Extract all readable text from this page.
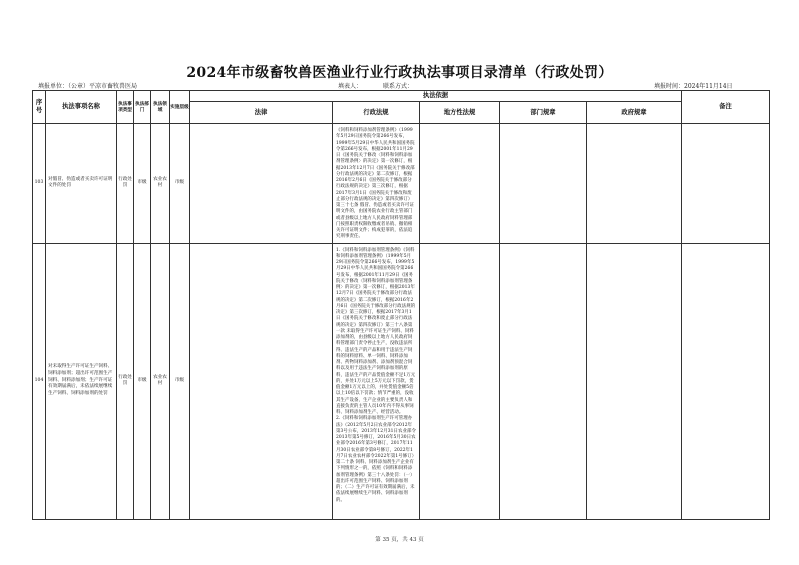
2024年市级畜牧兽医渔业行业行政执法事项目录清单（行政处罚）
填报单位：（公章）平凉市畜牧兽医局	填表人：	联系方式：	填报时间：2024年11月14日
序号	执法事项名称	执法事项类型	执法部门	执法领域	实施层级	执法依据					备注
						法律	行政法规	地方性法规	部门规章	政府规章	
103	对假冒、伪造或者买卖许可证明文件的处罚	行政处罚	市级	农业农村	市级		《饲料和饲料添加剂管理条例》（1999年5月29日国务院令第266号发布，1999年5月29日中华人民共和国国务院令第266号发布，根据2001年11月29日《国务院关于修改〈饲料和饲料添加剂管理条例〉的决定》第一次修订，根据2013年12月7日《国务院关于修改部分行政法规的决定》第二次修订，根据2016年2月6日《国务院关于修改部分行政法规的决定》第三次修订，根据2017年3月1日《国务院关于修改和废止部分行政法规的决定》第四次修订）第三十七条 假冒、伪造或者买卖许可证明文件的，由国务院农业行政主管部门或者县级以上地方人民政府饲料管理部门按照职责权限收缴或者吊销、撤销相关许可证明文件；构成犯罪的，依法追究刑事责任。				
104	对未取得生产许可证生产饲料、饲料添加剂；超出许可范围生产饲料、饲料添加剂；生产许可证有效期届满后，未依法续展继续生产饲料、饲料添加剂的处罚	行政处罚	市级	农业农村	市级		1.《饲料和饲料添加剂管理条例》《饲料和饲料添加剂管理条例》（1999年5月29日国务院令第266号发布，1999年5月29日中华人民共和国国务院令第266号发布，根据2001年11月29日《国务院关于修改〈饲料和饲料添加剂管理条例〉的决定》第一次修订，根据2013年12月7日《国务院关于修改部分行政法规的决定》第二次修订，根据2016年2月6日《国务院关于修改部分行政法规的决定》第三次修订，根据2017年3月1日《国务院关于修改和废止部分行政法规的决定》第四次修订）第三十八条第一款 未取得生产许可证生产饲料、饲料添加剂的，由县级以上地方人民政府饲料管理部门责令停止生产，没收违法所得、违法生产的产品和用于违法生产饲料的饲料原料、单一饲料、饲料添加剂、药物饲料添加剂、添加剂预混合饲料以及用于违法生产饲料添加剂的原料，违法生产的产品货值金额不足1万元的，并处1万元以上5万元以下罚款，货值金额1万元以上的，并处货值金额5倍以上10倍以下罚款；情节严重的，没收其生产设备，生产企业的主要负责人和直接负责的主管人员10年内不得从事饲料、饲料添加剂生产、经营活动。
2.《饲料和饲料添加剂生产许可管理办法》（2012年5月2日农业部令2012年第3号公布，2013年12月31日农业部令2013年第5号修订，2016年5月30日农业部令2016年第3号修订，2017年11月30日农业部令第8号修订，2022年1月7日农业农村部令2022年第1号修订）第二十条 饲料、饲料添加剂生产企业有下列情形之一的，依照《饲料和饲料添加剂管理条例》第三十八条处罚：（一）超出许可范围生产饲料、饲料添加剂的；（二）生产许可证有效期届满后，未依法续展继续生产饲料、饲料添加剂的。				
第 35 页，共 43 页
